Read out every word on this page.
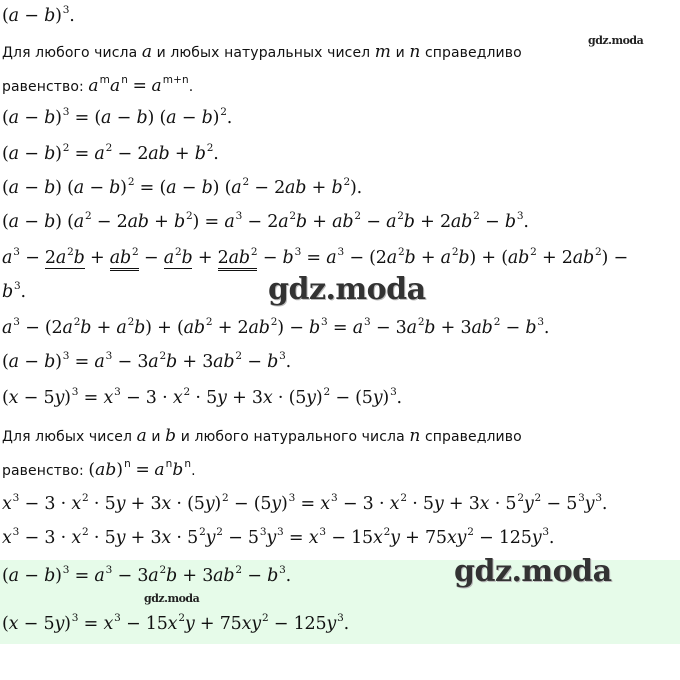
gdz.moda
gdz.moda
$(a - b)^3$.
Для любого числа a и любых натуральных чисел m и n справедливо
равенство: $a^ma^n = a^{m+n}$.
$(a - b)^3 = (a - b)$ $(a - b)^2$.
$(a - b)^2 = a^2 - 2ab + b^2$.
(a − b) $(a - b)^2 = (a - b)$ $(a^2 - 2ab + b^2)$.
(a − b) $(a^2 - 2ab + b^2) = a^3 - 2a^2b + ab^2 - a^2b + 2ab^2 - b^3$.
$a^3 - 2a^2b + ab^2 - a^2b + 2ab^2 - b^3 = a^3 - (2a^2b + a^2b) + (ab^2 + 2ab^2)$ −
$b^3$.
$a^3 - (2a^2b + a^2b) + (ab^2 + 2ab^2) - b^3 = a^3 - 3a^2b + 3ab^2 - b^3$.
$(a - b)^3 = a^3 - 3a^2b + 3ab^2 - b^3$.
$(x - 5y)^3 = x^3 - 3 \cdot x^2 \cdot 5y + 3x \cdot (5y)^2 - (5y)^3$.
Для любых чисел a и b и любого натурального числа n справедливо
равенство: $(ab)^n = a^nb^n$.
$x^3 - 3 \cdot x^2 \cdot 5y + 3x \cdot (5y)^2 - (5y)^3 = x^3 - 3 \cdot x^2 \cdot 5y + 3x \cdot 5^2y^2 - 5^3y^3$.
$x^3 - 3 \cdot x^2 \cdot 5y + 3x \cdot 5^2y^2 - 5^3y^3 = x^3 - 15x^2y + 75xy^2 - 125y^3$.
$(a - b)^3 = a^3 - 3a^2b + 3ab^2 - b^3$.	gdz.moda
gdz.moda
$(x - 5y)^3 = x^3 - 15x^2y + 75xy^2 - 125y^3$.
